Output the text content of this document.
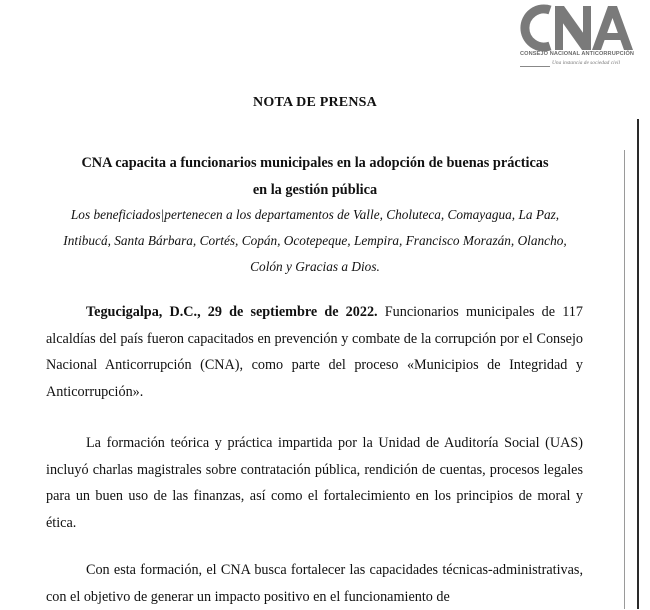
CONSEJO NACIONAL ANTICORRUPCIÓN
Una instancia de sociedad civil
NOTA DE PRENSA
CNA capacita a funcionarios municipales en la adopción de buenas prácticas
en la gestión pública
Los beneficiados|pertenecen a los departamentos de Valle, Choluteca, Comayagua, La Paz,
Intibucá, Santa Bárbara, Cortés, Copán, Ocotepeque, Lempira, Francisco Morazán, Olancho,
Colón y Gracias a Dios.
Tegucigalpa, D.C., 29 de septiembre de 2022. Funcionarios municipales de 117 alcaldías del país fueron capacitados en prevención y combate de la corrupción por el Consejo Nacional Anticorrupción (CNA), como parte del proceso «Municipios de Integridad y Anticorrupción».
La formación teórica y práctica impartida por la Unidad de Auditoría Social (UAS) incluyó charlas magistrales sobre contratación pública, rendición de cuentas, procesos legales para un buen uso de las finanzas, así como el fortalecimiento en los principios de moral y ética.
Con esta formación, el CNA busca fortalecer las capacidades técnicas-administrativas, con el objetivo de generar un impacto positivo en el funcionamiento de
